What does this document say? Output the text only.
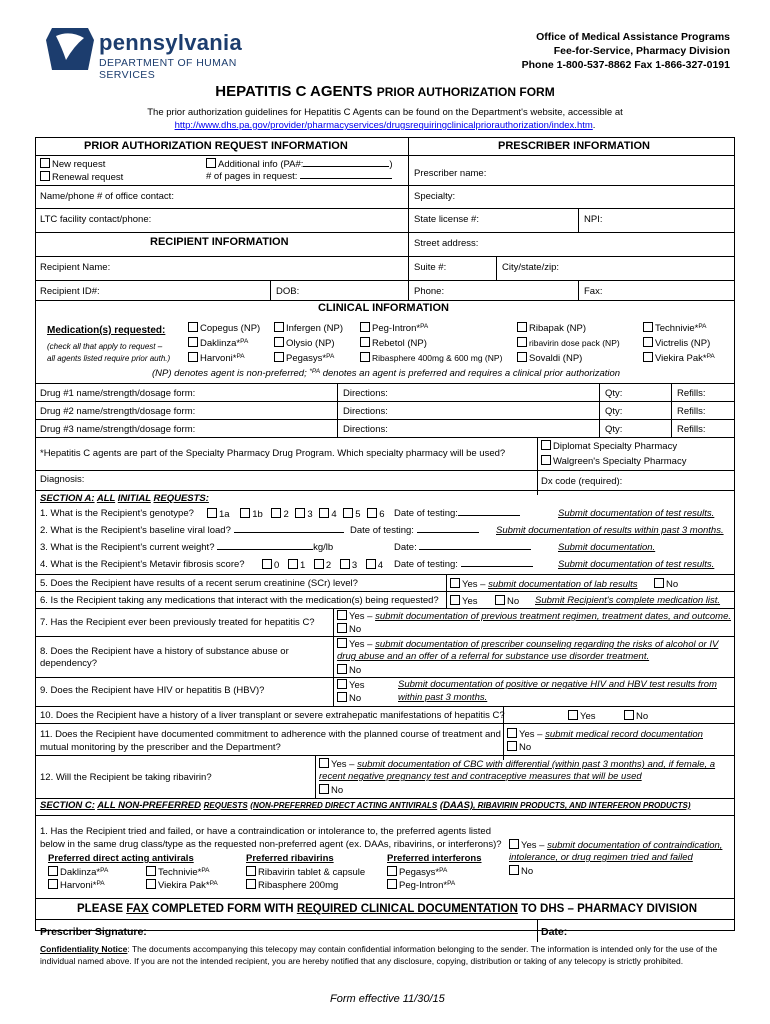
pennsylvania
DEPARTMENT OF HUMAN SERVICES
Office of Medical Assistance Programs
Fee-for-Service, Pharmacy Division
Phone 1-800-537-8862 Fax 1-866-327-0191
HEPATITIS C AGENTS PRIOR AUTHORIZATION FORM
The prior authorization guidelines for Hepatitis C Agents can be found on the Department's website, accessible at
http://www.dhs.pa.gov/provider/pharmacyservices/drugsrequiringclinicalpriorauthorization/index.htm.
PRIOR AUTHORIZATION REQUEST INFORMATION	PRESCRIBER INFORMATION
New request
Renewal request
Additional info (PA#:	)
# of pages in request:	Prescriber name:
Name/phone # of office contact:	Specialty:
LTC facility contact/phone:	State license #:	NPI:
RECIPIENT INFORMATION	Street address:
Recipient Name:	Suite #:	City/state/zip:
Recipient ID#:	DOB:	Phone:	Fax:
CLINICAL INFORMATION
Medication(s) requested:
(check all that apply to request –
all agents listed require prior auth.)
Copegus (NP)
Daklinza*$^{PA}$
Harvoni*$^{PA}$
Infergen (NP)
Olysio (NP)
Pegasys*$^{PA}$
Peg-Intron*$^{PA}$
Rebetol (NP)
Ribasphere 400mg & 600 mg (NP)
Ribapak (NP)
ribavirin dose pack (NP)
Sovaldi (NP)
Technivie*$^{PA}$
Victrelis (NP)
Viekira Pak*$^{PA}$
(NP) denotes agent is non-preferred; $^{*PA}$ denotes an agent is preferred and requires a clinical prior authorization
Drug #1 name/strength/dosage form:	Directions:	Qty:	Refills:
Drug #2 name/strength/dosage form:	Directions:	Qty:	Refills:
Drug #3 name/strength/dosage form:	Directions:	Qty:	Refills:
*Hepatitis C agents are part of the Specialty Pharmacy Drug Program. Which specialty pharmacy will be used?
Diplomat Specialty Pharmacy
Walgreen's Specialty Pharmacy
Diagnosis:	Dx code (required):
SECTION A: ALL INITIAL REQUESTS:
1. What is the Recipient's genotype?	1a 1b 2 3 4 5 6 Date of testing:	Submit documentation of test results.
2. What is the Recipient's baseline viral load?	Date of testing:	Submit documentation of results within past 3 months.
3. What is the Recipient's current weight?	kg/lb	Date:	Submit documentation.
4. What is the Recipient's Metavir fibrosis score?	0 1 2 3 4 Date of testing:	Submit documentation of test results.
5. Does the Recipient have results of a recent serum creatinine (SCr) level?	Yes – submit documentation of lab results	No
6. Is the Recipient taking any medications that interact with the medication(s) being requested?	Yes	No Submit Recipient's complete medication list.
7. Has the Recipient ever been previously treated for hepatitis C?
Yes – submit documentation of previous treatment regimen, treatment dates, and outcome.
No
8. Does the Recipient have a history of substance abuse or
dependency?
Yes – submit documentation of prescriber counseling regarding the risks of alcohol or IV
drug abuse and an offer of a referral for substance use disorder treatment.
No
9. Does the Recipient have HIV or hepatitis B (HBV)?	Yes
No
Submit documentation of positive or negative HIV and HBV test results from
within past 3 months.
10. Does the Recipient have a history of a liver transplant or severe extrahepatic manifestations of hepatitis C?	Yes	No
11. Does the Recipient have documented commitment to adherence with the planned course of treatment and
mutual monitoring by the prescriber and the Department?
Yes – submit medical record documentation
No
12. Will the Recipient be taking ribavirin?
Yes – submit documentation of CBC with differential (within past 3 months) and, if female, a
recent negative pregnancy test and contraceptive measures that will be used
No
SECTION C: ALL NON-PREFERRED REQUESTS (NON-PREFERRED DIRECT ACTING ANTIVIRALS (DAAS), RIBAVIRIN PRODUCTS, AND INTERFERON PRODUCTS)
1. Has the Recipient tried and failed, or have a contraindication or intolerance to, the preferred agents listed
below in the same drug class/type as the requested non-preferred agent (ex. DAAs, ribavirins, or interferons)?
Preferred direct acting antivirals	Preferred ribavirins	Preferred interferons
Daklinza*$^{PA}$
Harvoni*$^{PA}$
Technivie*$^{PA}$
Viekira Pak*$^{PA}$
Ribavirin tablet & capsule
Ribasphere 200mg
Pegasys*$^{PA}$
Peg-Intron*$^{PA}$
Yes – submit documentation of contraindication,
intolerance, or drug regimen tried and failed
No
PLEASE FAX COMPLETED FORM WITH REQUIRED CLINICAL DOCUMENTATION TO DHS – PHARMACY DIVISION
Prescriber Signature:	Date:
Confidentiality Notice: The documents accompanying this telecopy may contain confidential information belonging to the sender. The information is intended only for the use of the individual named above. If you are not the intended recipient, you are hereby notified that any disclosure, copying, distribution or taking of any telecopy is strictly prohibited.
Form effective 11/30/15
